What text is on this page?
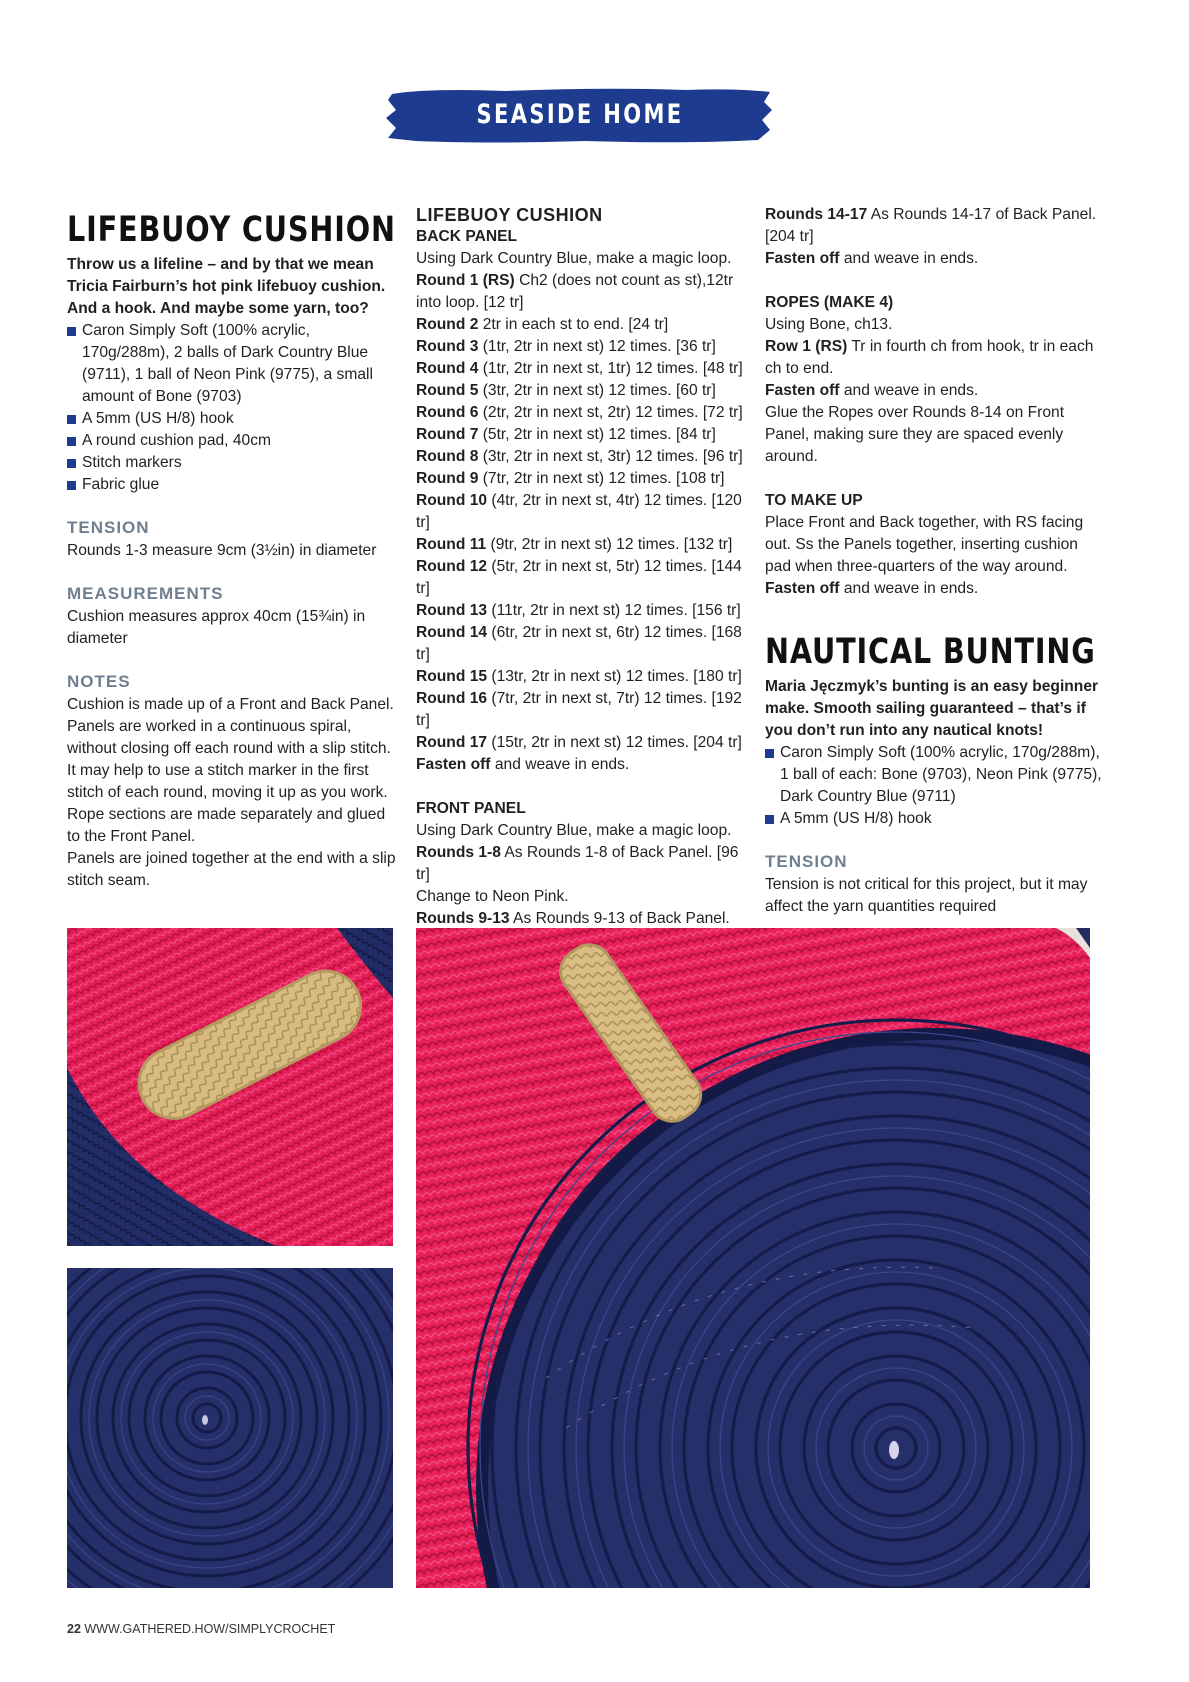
SEASIDE HOME COLLECTION
LIFEBUOY CUSHION

Throw us a lifeline – and by that we mean Tricia Fairburn’s hot pink lifebuoy cushion. And a hook. And maybe some yarn, too?

Caron Simply Soft (100% acrylic, 170g/288m), 2 balls of Dark Country Blue (9711), 1 ball of Neon Pink (9775), a small amount of Bone (9703)
A 5mm (US H/8) hook
A round cushion pad, 40cm
Stitch markers
Fabric glue
TENSION

Rounds 1-3 measure 9cm (3½in) in diameter

MEASUREMENTS

Cushion measures approx 40cm (15¾in) in diameter

NOTES

Cushion is made up of a Front and Back Panel. Panels are worked in a continuous spiral, without closing off each round with a slip stitch. It may help to use a stitch marker in the first stitch of each round, moving it up as you work. Rope sections are made separately and glued to the Front Panel.

Panels are joined together at the end with a slip stitch seam.

LIFEBUOY CUSHION
BACK PANEL

Using Dark Country Blue, make a magic loop.

Round 1 (RS) Ch2 (does not count as st),12tr into loop. [12 tr]

Round 2 2tr in each st to end. [24 tr]

Round 3 (1tr, 2tr in next st) 12 times. [36 tr]

Round 4 (1tr, 2tr in next st, 1tr) 12 times. [48 tr]

Round 5 (3tr, 2tr in next st) 12 times. [60 tr]

Round 6 (2tr, 2tr in next st, 2tr) 12 times. [72 tr]

Round 7 (5tr, 2tr in next st) 12 times. [84 tr]

Round 8 (3tr, 2tr in next st, 3tr) 12 times. [96 tr]

Round 9 (7tr, 2tr in next st) 12 times. [108 tr]

Round 10 (4tr, 2tr in next st, 4tr) 12 times. [120 tr]

Round 11 (9tr, 2tr in next st) 12 times. [132 tr]

Round 12 (5tr, 2tr in next st, 5tr) 12 times. [144 tr]

Round 13 (11tr, 2tr in next st) 12 times. [156 tr]

Round 14 (6tr, 2tr in next st, 6tr) 12 times. [168 tr]

Round 15 (13tr, 2tr in next st) 12 times. [180 tr]

Round 16 (7tr, 2tr in next st, 7tr) 12 times. [192 tr]

Round 17 (15tr, 2tr in next st) 12 times. [204 tr]

Fasten off and weave in ends.

FRONT PANEL

Using Dark Country Blue, make a magic loop.

Rounds 1-8 As Rounds 1-8 of Back Panel. [96 tr]

Change to Neon Pink.

Rounds 9-13 As Rounds 9-13 of Back Panel.

Rounds 14-17 As Rounds 14-17 of Back Panel. [204 tr]

Fasten off and weave in ends.

ROPES (MAKE 4)

Using Bone, ch13.

Row 1 (RS) Tr in fourth ch from hook, tr in each ch to end.

Fasten off and weave in ends.

Glue the Ropes over Rounds 8-14 on Front Panel, making sure they are spaced evenly around.

TO MAKE UP

Place Front and Back together, with RS facing out. Ss the Panels together, inserting cushion pad when three-quarters of the way around.

Fasten off and weave in ends.

NAUTICAL BUNTING

Maria Jęczmyk’s bunting is an easy beginner make. Smooth sailing guaranteed – that’s if you don’t run into any nautical knots!

Caron Simply Soft (100% acrylic, 170g/288m), 1 ball of each: Bone (9703), Neon Pink (9775), Dark Country Blue (9711)
A 5mm (US H/8) hook
TENSION

Tension is not critical for this project, but it may affect the yarn quantities required

22 WWW.GATHERED.HOW/SIMPLYCROCHET
